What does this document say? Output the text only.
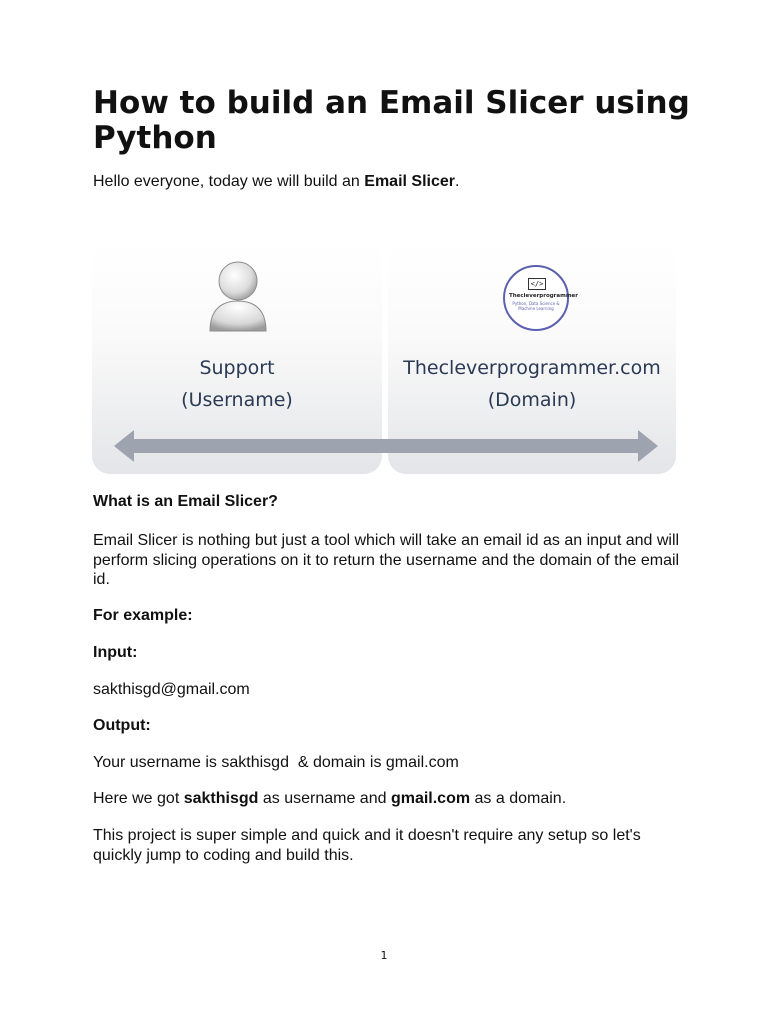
How to build an Email Slicer using Python

Hello everyone, today we will build an Email Slicer.

Support
(Username)
</>
Thecleverprogrammer
Python, Data Science & Machine Learning
Thecleverprogrammer.com
(Domain)

What is an Email Slicer?

Email Slicer is nothing but just a tool which will take an email id as an input and will perform slicing operations on it to return the username and the domain of the email id.

For example:

Input:

sakthisgd@gmail.com

Output:

Your username is sakthisgd  & domain is gmail.com

Here we got sakthisgd as username and gmail.com as a domain.

This project is super simple and quick and it doesn't require any setup so let's quickly jump to coding and build this.

1
